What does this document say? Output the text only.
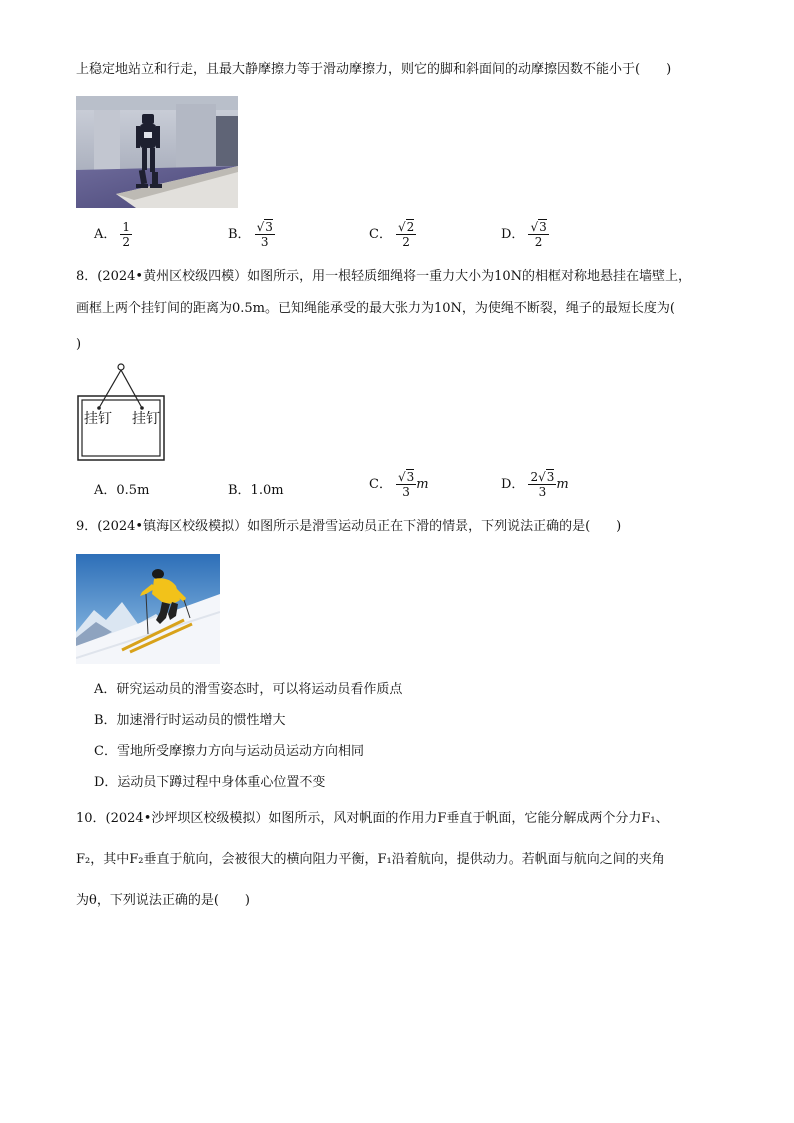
上稳定地站立和行走，且最大静摩擦力等于滑动摩擦力，则它的脚和斜面间的动摩擦因数不能小于(　　)
A． $\frac{1}{2}$	B． $\frac{√3}{3}$	C． $\frac{√2}{2}$	D． $\frac{√3}{2}$
8．(2024•黄州区校级四模）如图所示，用一根轻质细绳将一重力大小为10N的相框对称地悬挂在墙壁上，
画框上两个挂钉间的距离为0.5m。已知绳能承受的最大张力为10N，为使绳不断裂，绳子的最短长度为(
)
挂钉 挂钉
A．0.5m	B．1.0m	C． $\frac{√3}{3}$ m	D． $\frac{2√3}{3}$ m
9．(2024•镇海区校级模拟）如图所示是滑雪运动员正在下滑的情景，下列说法正确的是(　　)
A．研究运动员的滑雪姿态时，可以将运动员看作质点
B．加速滑行时运动员的惯性增大
C．雪地所受摩擦力方向与运动员运动方向相同
D．运动员下蹲过程中身体重心位置不变
10．(2024•沙坪坝区校级模拟）如图所示，风对帆面的作用力F垂直于帆面，它能分解成两个分力F₁、
F₂，其中F₂垂直于航向，会被很大的横向阻力平衡，F₁沿着航向，提供动力。若帆面与航向之间的夹角
为θ，下列说法正确的是(　　)
